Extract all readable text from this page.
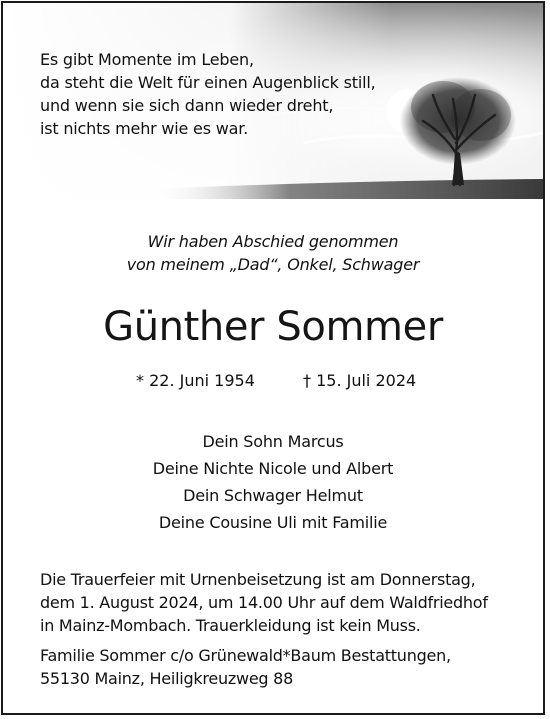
Es gibt Momente im Leben,
da steht die Welt für einen Augenblick still,
und wenn sie sich dann wieder dreht,
ist nichts mehr wie es war.
Wir haben Abschied genommen
von meinem „Dad“, Onkel, Schwager
Günther Sommer
* 22. Juni 1954	† 15. Juli 2024
Dein Sohn Marcus
Deine Nichte Nicole und Albert
Dein Schwager Helmut
Deine Cousine Uli mit Familie
Die Trauerfeier mit Urnenbeisetzung ist am Donnerstag,
dem 1. August 2024, um 14.00 Uhr auf dem Waldfriedhof
in Mainz-Mombach. Trauerkleidung ist kein Muss.
Familie Sommer c/o Grünewald*Baum Bestattungen,
55130 Mainz, Heiligkreuzweg 88
